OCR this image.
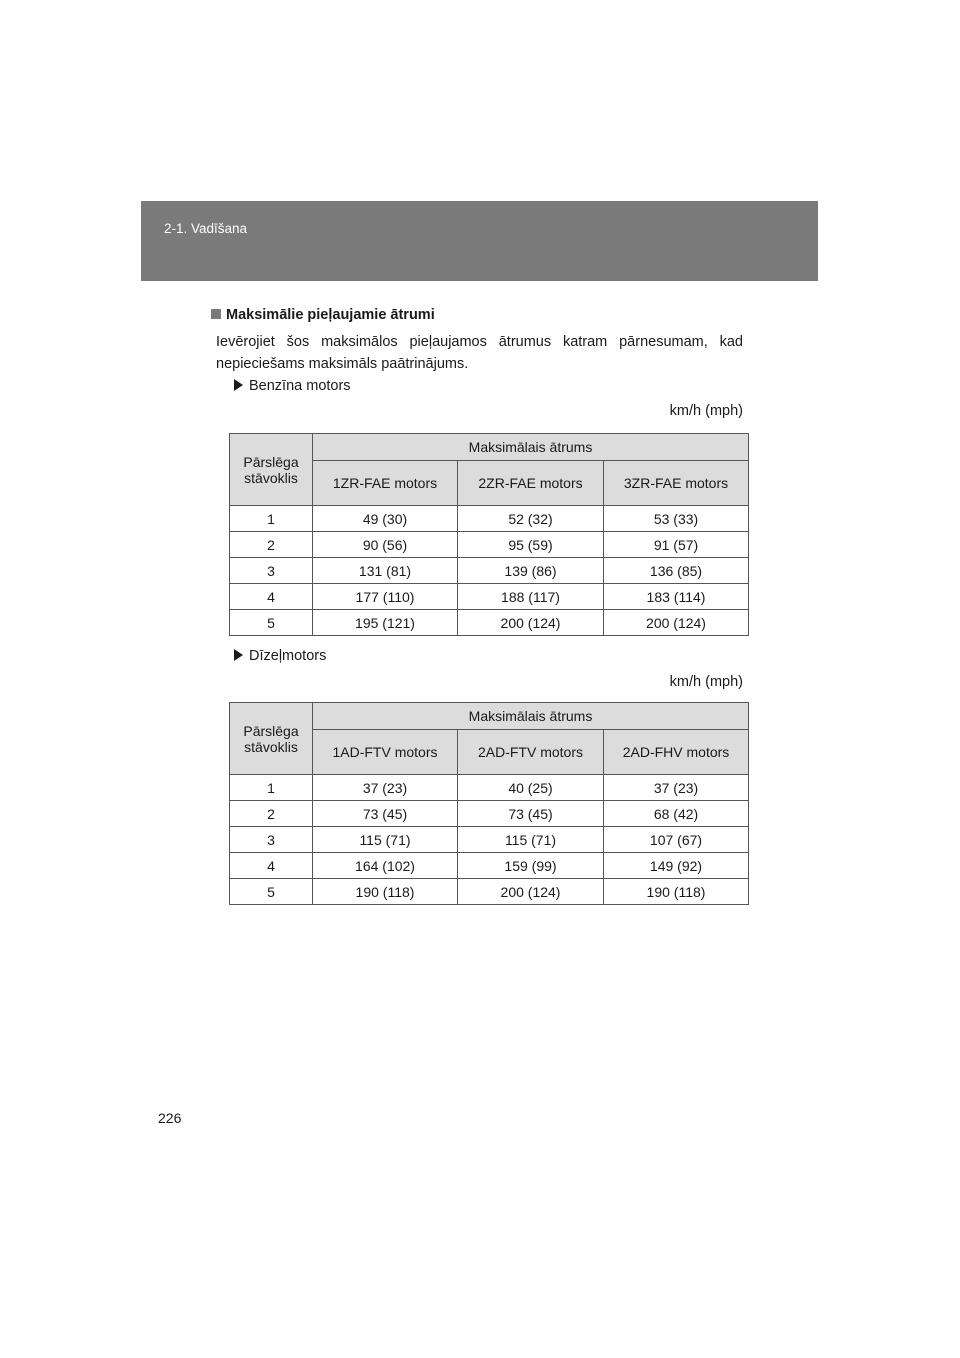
2-1. Vadīšana
Maksimālie pieļaujamie ātrumi
Ievērojiet šos maksimālos pieļaujamos ātrumus katram pārnesumam, kad nepieciešams maksimāls paātrinājums.
Benzīna motors
km/h (mph)
Pārslēga stāvoklis	Maksimālais ātrums		
	1ZR-FAE motors	2ZR-FAE motors	3ZR-FAE motors
1	49 (30)	52 (32)	53 (33)
2	90 (56)	95 (59)	91 (57)
3	131 (81)	139 (86)	136 (85)
4	177 (110)	188 (117)	183 (114)
5	195 (121)	200 (124)	200 (124)
Dīzeļmotors
km/h (mph)
Pārslēga stāvoklis	Maksimālais ātrums		
	1AD-FTV motors	2AD-FTV motors	2AD-FHV motors
1	37 (23)	40 (25)	37 (23)
2	73 (45)	73 (45)	68 (42)
3	115 (71)	115 (71)	107 (67)
4	164 (102)	159 (99)	149 (92)
5	190 (118)	200 (124)	190 (118)
226
